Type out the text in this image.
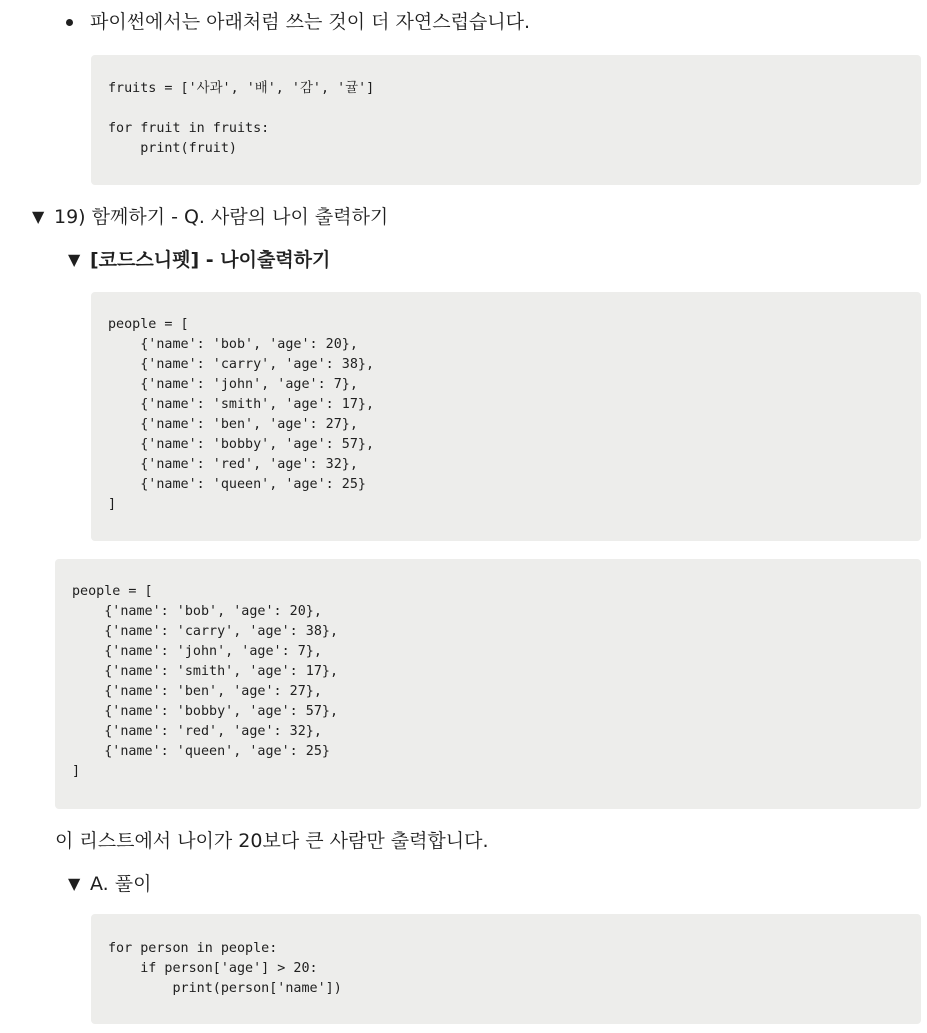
파이썬에서는 아래처럼 쓰는 것이 더 자연스럽습니다.
fruits = ['사과', '배', '감', '귤']
for fruit in fruits:
print(fruit)
▼ 19) 함께하기 - Q. 사람의 나이 출력하기
▼ [코드스니펫] - 나이출력하기
people = [
{'name': 'bob', 'age': 20},
{'name': 'carry', 'age': 38},
{'name': 'john', 'age': 7},
{'name': 'smith', 'age': 17},
{'name': 'ben', 'age': 27},
{'name': 'bobby', 'age': 57},
{'name': 'red', 'age': 32},
{'name': 'queen', 'age': 25}
]
people = [
{'name': 'bob', 'age': 20},
{'name': 'carry', 'age': 38},
{'name': 'john', 'age': 7},
{'name': 'smith', 'age': 17},
{'name': 'ben', 'age': 27},
{'name': 'bobby', 'age': 57},
{'name': 'red', 'age': 32},
{'name': 'queen', 'age': 25}
]
이 리스트에서 나이가 20보다 큰 사람만 출력합니다.
▼ A. 풀이
for person in people:
if person['age'] > 20:
print(person['name'])
